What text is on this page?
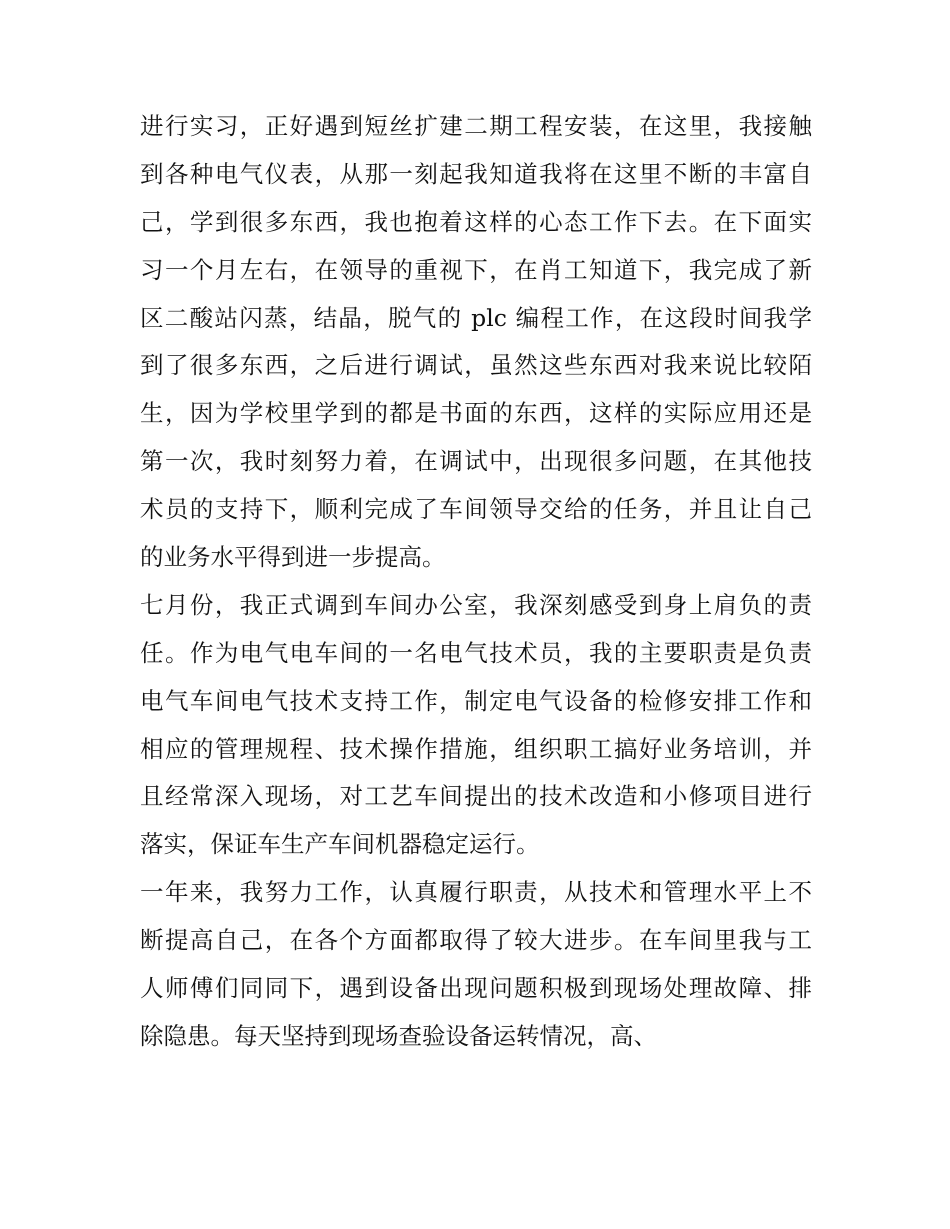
进行实习，正好遇到短丝扩建二期工程安装，在这里，我接触
到各种电气仪表，从那一刻起我知道我将在这里不断的丰富自
己，学到很多东西，我也抱着这样的心态工作下去。在下面实
习一个月左右，在领导的重视下，在肖工知道下，我完成了新
区二酸站闪蒸，结晶，脱气的 plc 编程工作，在这段时间我学
到了很多东西，之后进行调试，虽然这些东西对我来说比较陌
生，因为学校里学到的都是书面的东西，这样的实际应用还是
第一次，我时刻努力着，在调试中，出现很多问题，在其他技
术员的支持下，顺利完成了车间领导交给的任务，并且让自己
的业务水平得到进一步提高。
七月份，我正式调到车间办公室，我深刻感受到身上肩负的责
任。作为电气电车间的一名电气技术员，我的主要职责是负责
电气车间电气技术支持工作，制定电气设备的检修安排工作和
相应的管理规程、技术操作措施，组织职工搞好业务培训，并
且经常深入现场，对工艺车间提出的技术改造和小修项目进行
落实，保证车生产车间机器稳定运行。
一年来，我努力工作，认真履行职责，从技术和管理水平上不
断提高自己，在各个方面都取得了较大进步。在车间里我与工
人师傅们同同下，遇到设备出现问题积极到现场处理故障、排
除隐患。每天坚持到现场查验设备运转情况，高、
